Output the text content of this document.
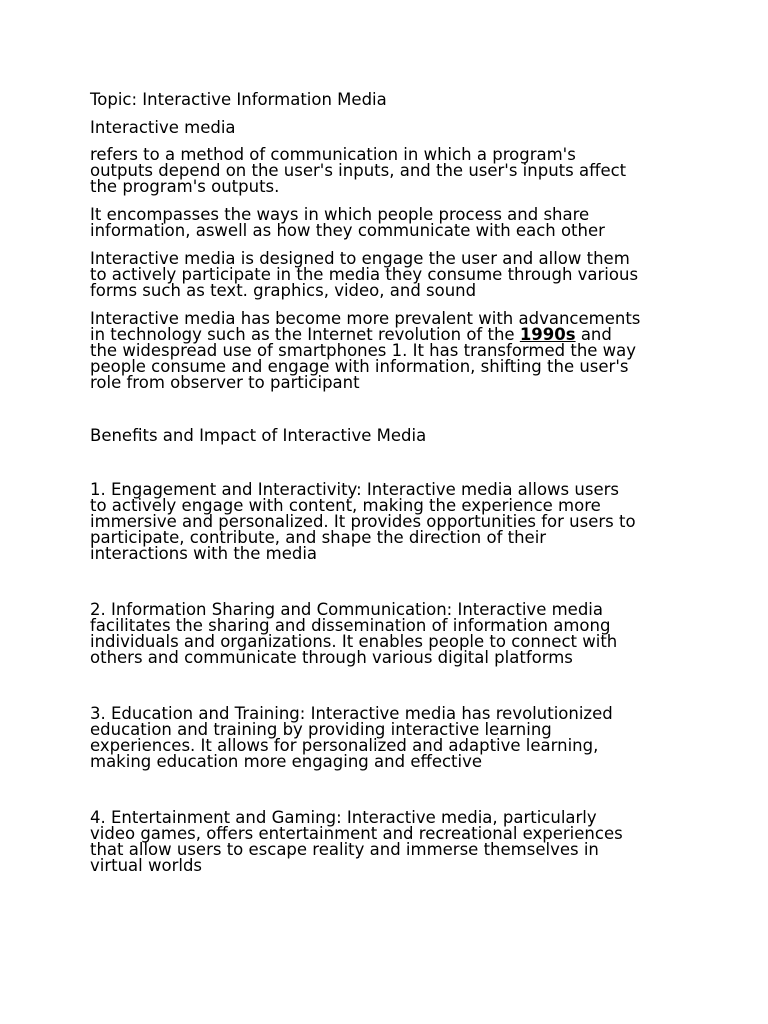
Topic: Interactive Information Media
Interactive media
refers to a method of communication in which a program's
outputs depend on the user's inputs, and the user's inputs affect
the program's outputs.
It encompasses the ways in which people process and share
information, aswell as how they communicate with each other
Interactive media is designed to engage the user and allow them
to actively participate in the media they consume through various
forms such as text. graphics, video, and sound
Interactive media has become more prevalent with advancements
in technology such as the Internet revolution of the 1990s and
the widespread use of smartphones 1. It has transformed the way
people consume and engage with information, shifting the user's
role from observer to participant
Benefits and Impact of Interactive Media
1. Engagement and Interactivity: Interactive media allows users
to actively engage with content, making the experience more
immersive and personalized. It provides opportunities for users to
participate, contribute, and shape the direction of their
interactions with the media
2. Information Sharing and Communication: Interactive media
facilitates the sharing and dissemination of information among
individuals and organizations. It enables people to connect with
others and communicate through various digital platforms
3. Education and Training: Interactive media has revolutionized
education and training by providing interactive learning
experiences. It allows for personalized and adaptive learning,
making education more engaging and effective
4. Entertainment and Gaming: Interactive media, particularly
video games, offers entertainment and recreational experiences
that allow users to escape reality and immerse themselves in
virtual worlds
